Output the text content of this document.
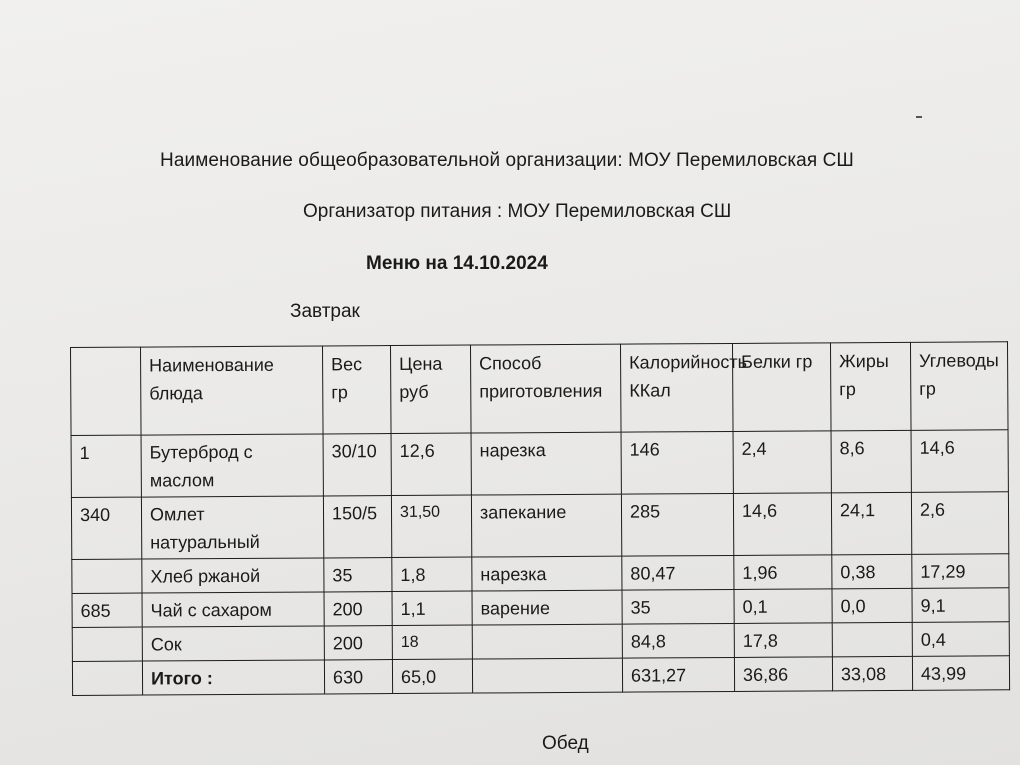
Наименование общеобразовательной организации: МОУ Перемиловская СШ
Организатор питания : МОУ Перемиловская СШ
Меню на 14.10.2024
Завтрак
	Наименование блюда	Вес гр	Цена руб	Способ приготовления	Калорийность ККал	Белки гр	Жиры гр	Углеводы гр
1	Бутерброд с маслом	30/10	12,6	нарезка	146	2,4	8,6	14,6
340	Омлет натуральный	150/5	31,50	запекание	285	14,6	24,1	2,6
	Хлеб ржаной	35	1,8	нарезка	80,47	1,96	0,38	17,29
685	Чай с сахаром	200	1,1	варение	35	0,1	0,0	9,1
	Сок	200	18		84,8	17,8		0,4
	Итого :	630	65,0		631,27	36,86	33,08	43,99
Обед
